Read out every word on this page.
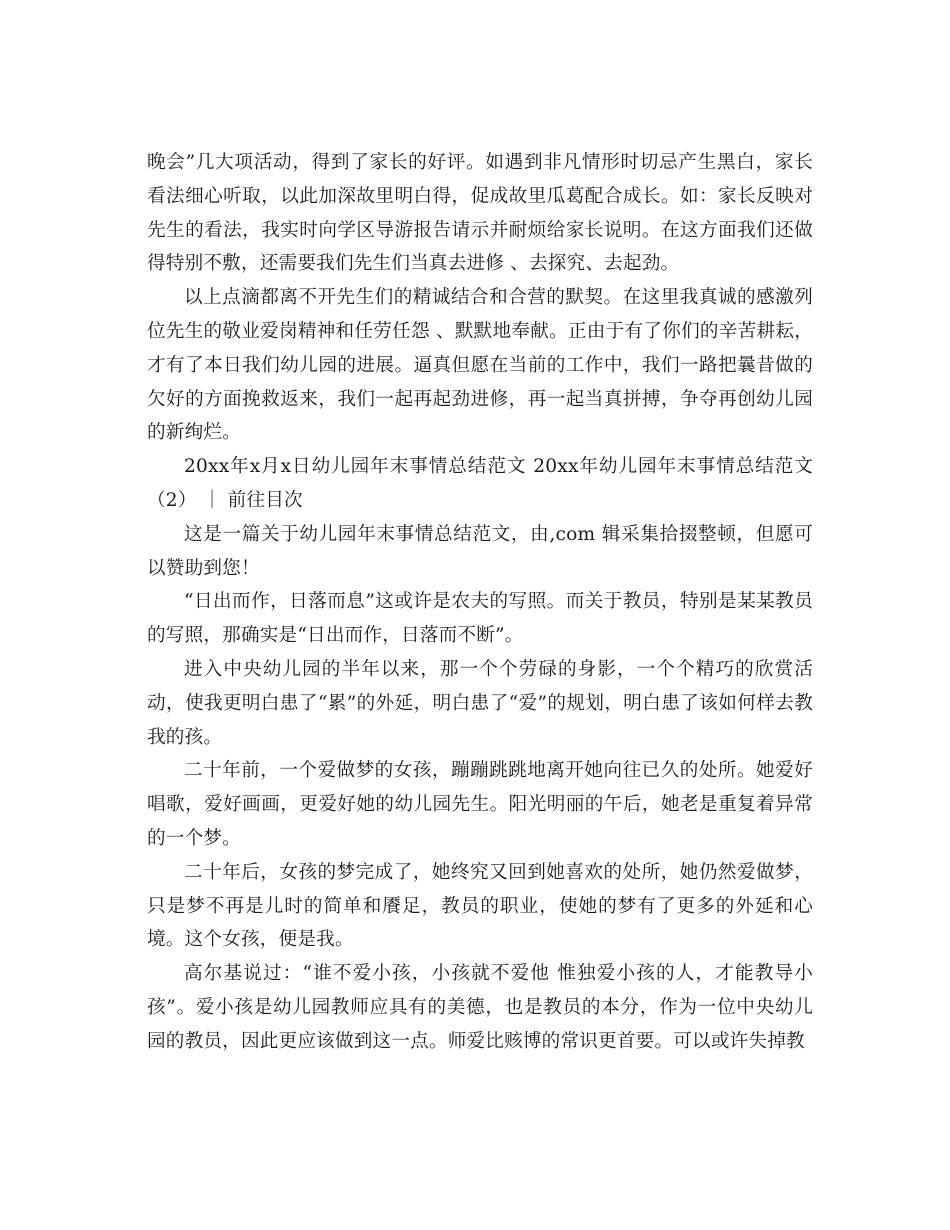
晚会”几大项活动，得到了家长的好评。如遇到非凡情形时切忌产生黑白，家长看法细心听取，以此加深故里明白得，促成故里瓜葛配合成长。如：家长反映对先生的看法，我实时向学区导游报告请示并耐烦给家长说明。在这方面我们还做得特别不敷，还需要我们先生们当真去进修 、去探究、去起劲。

以上点滴都离不开先生们的精诚结合和合营的默契。在这里我真诚的感激列位先生的敬业爱岗精神和任劳任怨 、默默地奉献。正由于有了你们的辛苦耕耘，才有了本日我们幼儿园的进展。逼真但愿在当前的工作中，我们一路把曩昔做的欠好的方面挽救返来，我们一起再起劲进修，再一起当真拼搏，争夺再创幼儿园的新绚烂。

20xx年x月x日幼儿园年末事情总结范文 20xx年幼儿园年末事情总结范文（2） ｜ 前往目次

这是一篇关于幼儿园年末事情总结范文，由,com 辑采集拾掇整顿，但愿可以赞助到您！

“日出而作，日落而息”这或许是农夫的写照。而关于教员，特别是某某教员的写照，那确实是“日出而作，日落而不断”。

进入中央幼儿园的半年以来，那一个个劳碌的身影，一个个精巧的欣赏活动，使我更明白患了“累”的外延，明白患了“爱”的规划，明白患了该如何样去教我的孩。

二十年前，一个爱做梦的女孩，蹦蹦跳跳地离开她向往已久的处所。她爱好唱歌，爱好画画，更爱好她的幼儿园先生。阳光明丽的午后，她老是重复着异常的一个梦。

二十年后，女孩的梦完成了，她终究又回到她喜欢的处所，她仍然爱做梦，只是梦不再是儿时的简单和餍足，教员的职业，使她的梦有了更多的外延和心境。这个女孩，便是我。

高尔基说过：“谁不爱小孩，小孩就不爱他 惟独爱小孩的人，才能教导小孩”。爱小孩是幼儿园教师应具有的美德，也是教员的本分，作为一位中央幼儿园的教员，因此更应该做到这一点。师爱比赅博的常识更首要。可以或许失掉教
